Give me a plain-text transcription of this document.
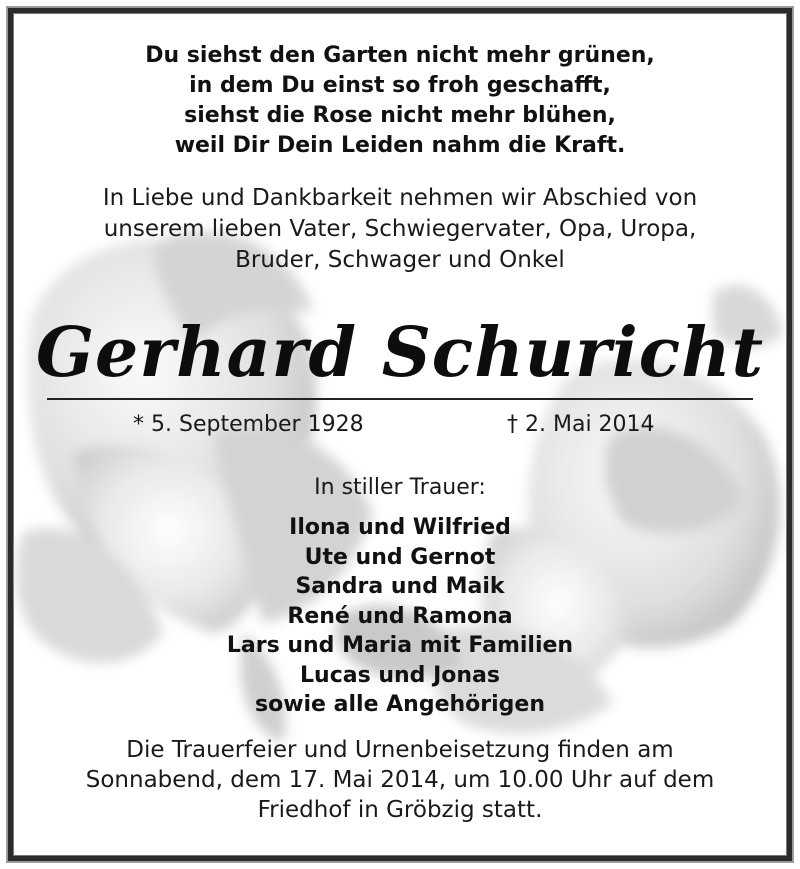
Du siehst den Garten nicht mehr grünen,
in dem Du einst so froh geschafft,
siehst die Rose nicht mehr blühen,
weil Dir Dein Leiden nahm die Kraft.
In Liebe und Dankbarkeit nehmen wir Abschied von
unserem lieben Vater, Schwiegervater, Opa, Uropa,
Bruder, Schwager und Onkel
Gerhard Schuricht
* 5. September 1928	† 2. Mai 2014
In stiller Trauer:
Ilona und Wilfried
Ute und Gernot
Sandra und Maik
René und Ramona
Lars und Maria mit Familien
Lucas und Jonas
sowie alle Angehörigen
Die Trauerfeier und Urnenbeisetzung finden am
Sonnabend, dem 17. Mai 2014, um 10.00 Uhr auf dem
Friedhof in Gröbzig statt.
